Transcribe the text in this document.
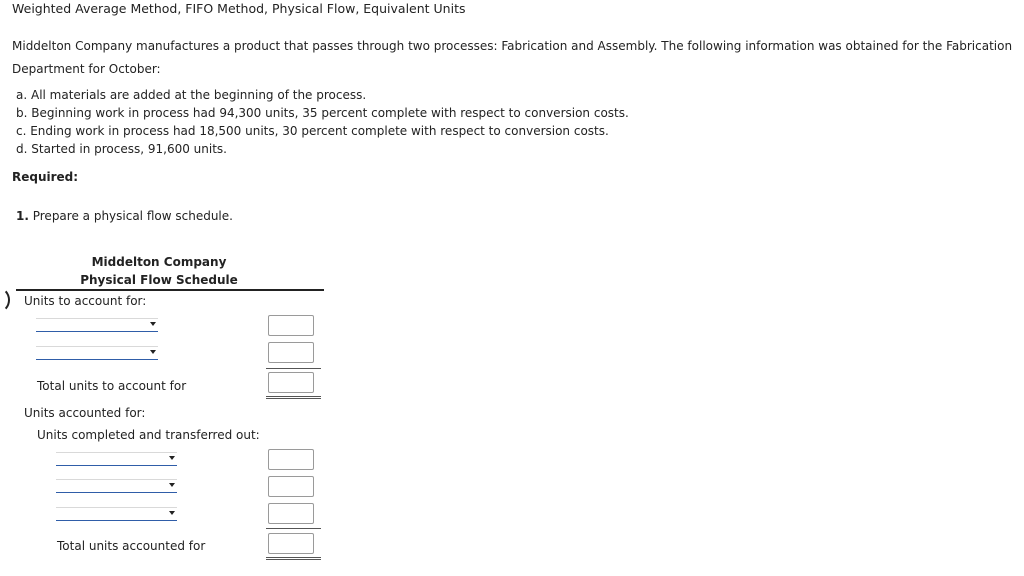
Weighted Average Method, FIFO Method, Physical Flow, Equivalent Units
Middelton Company manufactures a product that passes through two processes: Fabrication and Assembly. The following information was obtained for the Fabrication Department for October:
a. All materials are added at the beginning of the process.
b. Beginning work in process had 94,300 units, 35 percent complete with respect to conversion costs.
c. Ending work in process had 18,500 units, 30 percent complete with respect to conversion costs.
d. Started in process, 91,600 units.
Required:
1. Prepare a physical flow schedule.
Middelton Company
Physical Flow Schedule
Units to account for:
Total units to account for
Units accounted for:
Units completed and transferred out:
Total units accounted for
